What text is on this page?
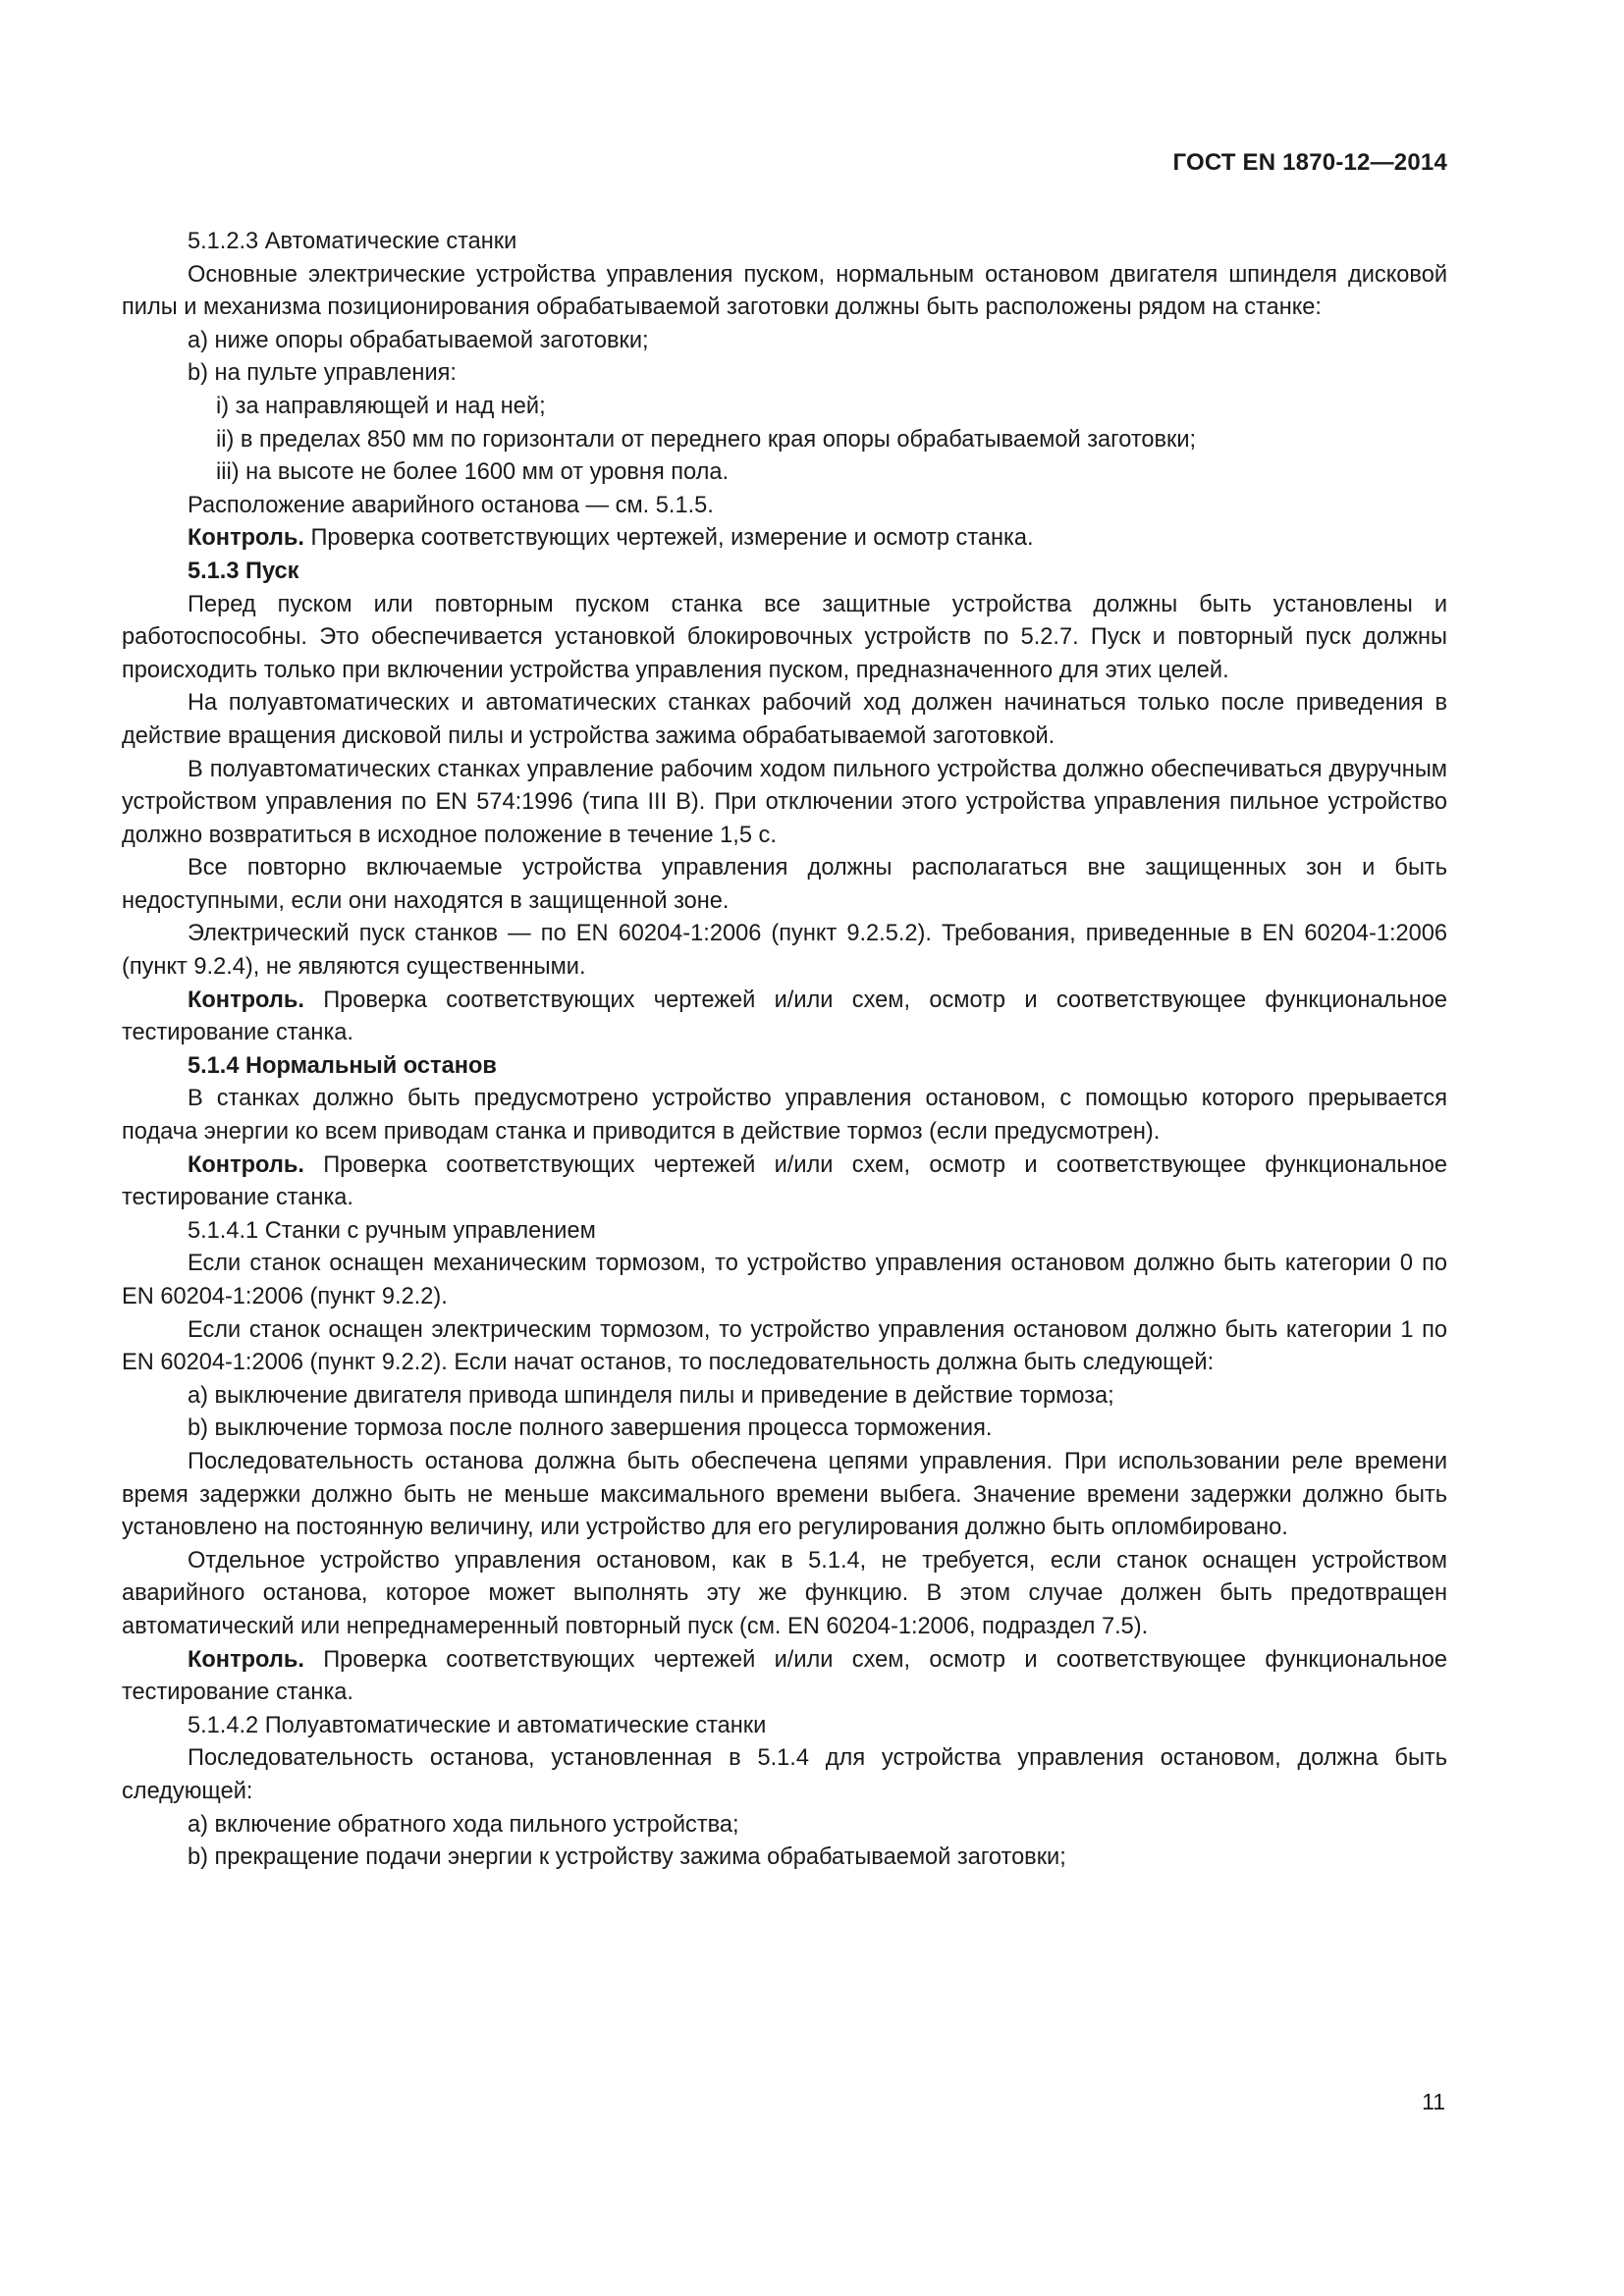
ГОСТ EN 1870-12—2014

5.1.2.3 Автоматические станки

Основные электрические устройства управления пуском, нормальным остановом двигателя шпинделя дисковой пилы и механизма позиционирования обрабатываемой заготовки должны быть расположены рядом на станке:

a) ниже опоры обрабатываемой заготовки;

b) на пульте управления:

i) за направляющей и над ней;

ii) в пределах 850 мм по горизонтали от переднего края опоры обрабатываемой заготовки;

iii) на высоте не более 1600 мм от уровня пола.

Расположение аварийного останова — см. 5.1.5.

Контроль. Проверка соответствующих чертежей, измерение и осмотр станка.

5.1.3 Пуск

Перед пуском или повторным пуском станка все защитные устройства должны быть установлены и работоспособны. Это обеспечивается установкой блокировочных устройств по 5.2.7. Пуск и повторный пуск должны происходить только при включении устройства управления пуском, предназначенного для этих целей.

На полуавтоматических и автоматических станках рабочий ход должен начинаться только после приведения в действие вращения дисковой пилы и устройства зажима обрабатываемой заготовкой.

В полуавтоматических станках управление рабочим ходом пильного устройства должно обеспечиваться двуручным устройством управления по EN 574:1996 (типа III B). При отключении этого устройства управления пильное устройство должно возвратиться в исходное положение в течение 1,5 с.

Все повторно включаемые устройства управления должны располагаться вне защищенных зон и быть недоступными, если они находятся в защищенной зоне.

Электрический пуск станков — по EN 60204-1:2006 (пункт 9.2.5.2). Требования, приведенные в EN 60204-1:2006 (пункт 9.2.4), не являются существенными.

Контроль. Проверка соответствующих чертежей и/или схем, осмотр и соответствующее функциональное тестирование станка.

5.1.4 Нормальный останов

В станках должно быть предусмотрено устройство управления остановом, с помощью которого прерывается подача энергии ко всем приводам станка и приводится в действие тормоз (если предусмотрен).

Контроль. Проверка соответствующих чертежей и/или схем, осмотр и соответствующее функциональное тестирование станка.

5.1.4.1 Станки с ручным управлением

Если станок оснащен механическим тормозом, то устройство управления остановом должно быть категории 0 по EN 60204-1:2006 (пункт 9.2.2).

Если станок оснащен электрическим тормозом, то устройство управления остановом должно быть категории 1 по EN 60204-1:2006 (пункт 9.2.2). Если начат останов, то последовательность должна быть следующей:

a) выключение двигателя привода шпинделя пилы и приведение в действие тормоза;

b) выключение тормоза после полного завершения процесса торможения.

Последовательность останова должна быть обеспечена цепями управления. При использовании реле времени время задержки должно быть не меньше максимального времени выбега. Значение времени задержки должно быть установлено на постоянную величину, или устройство для его регулирования должно быть опломбировано.

Отдельное устройство управления остановом, как в 5.1.4, не требуется, если станок оснащен устройством аварийного останова, которое может выполнять эту же функцию. В этом случае должен быть предотвращен автоматический или непреднамеренный повторный пуск (см. EN 60204-1:2006, подраздел 7.5).

Контроль. Проверка соответствующих чертежей и/или схем, осмотр и соответствующее функциональное тестирование станка.

5.1.4.2 Полуавтоматические и автоматические станки

Последовательность останова, установленная в 5.1.4 для устройства управления остановом, должна быть следующей:

a) включение обратного хода пильного устройства;

b) прекращение подачи энергии к устройству зажима обрабатываемой заготовки;

11
